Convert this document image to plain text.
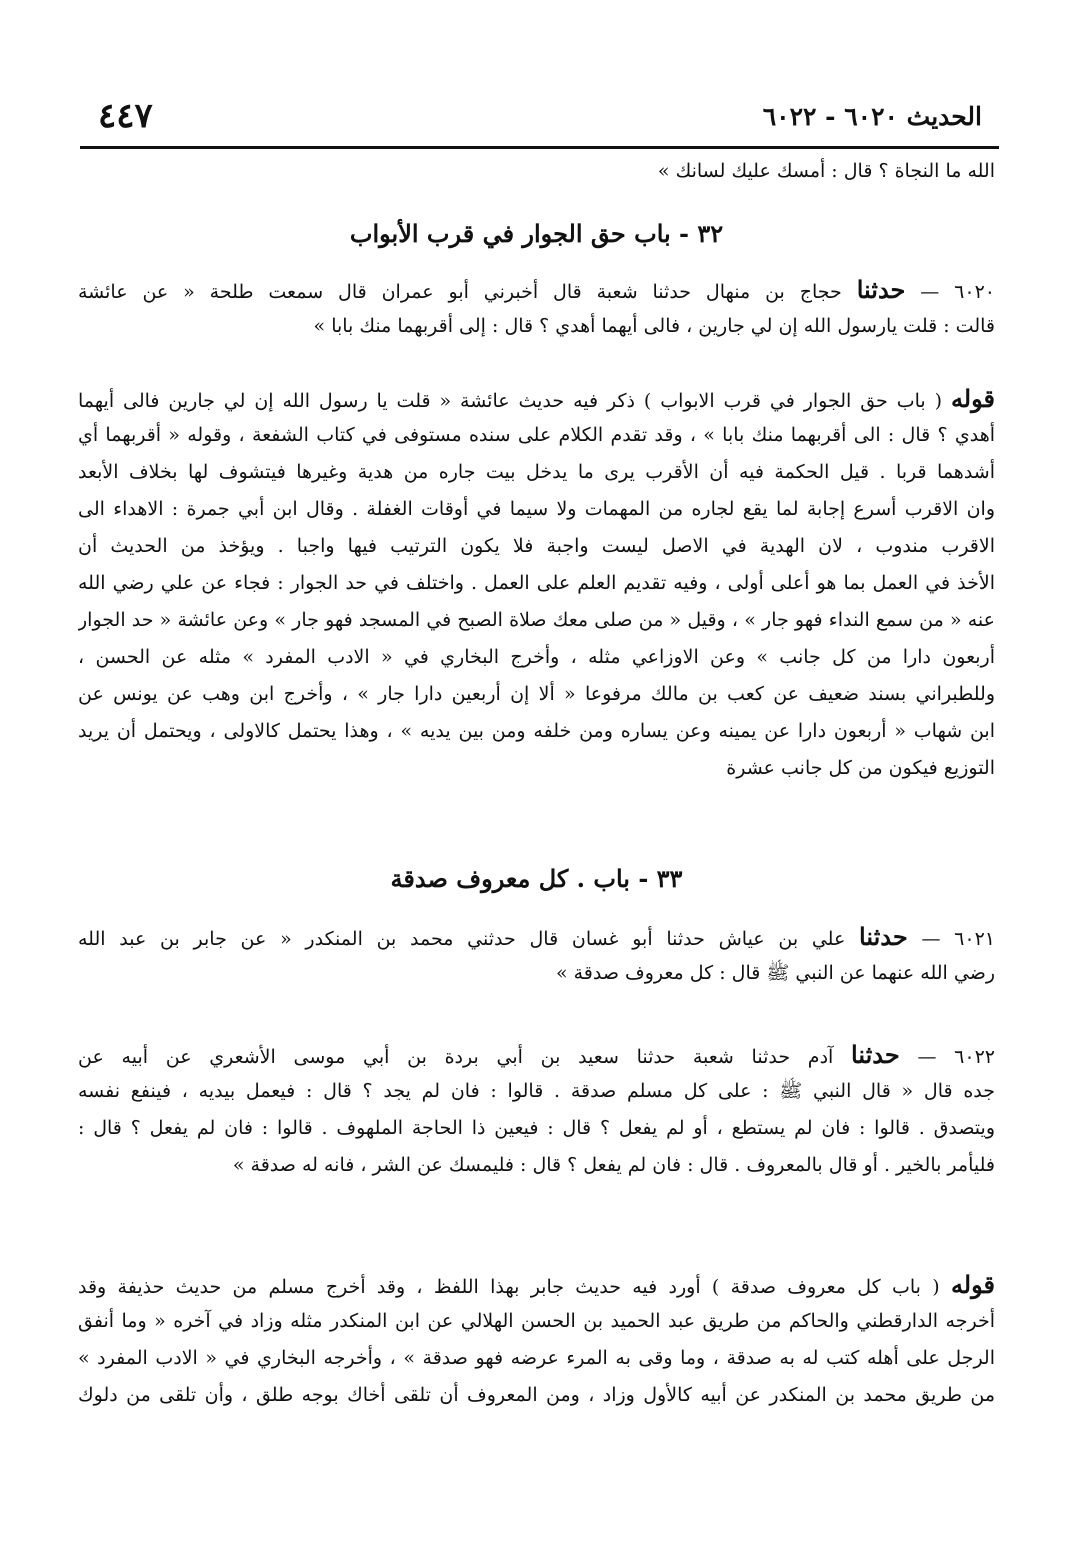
الحديث ٦٠٢٠ - ٦٠٢٢
٤٤٧
الله ما النجاة ؟ قال : أمسك عليك لسانك »
٣٢ - باب حق الجوار في قرب الأبواب
٦٠٢٠ — حدثنا حجاج بن منهال حدثنا شعبة قال أخبرني أبو عمران قال سمعت طلحة « عن عائشة
قالت : قلت يارسول الله إن لي جارين ، فالى أيهما أهدي ؟ قال : إلى أقربهما منك بابا »
قوله ( باب حق الجوار في قرب الابواب ) ذكر فيه حديث عائشة « قلت يا رسول الله إن لي جارين فالى أيهما
أهدي ؟ قال : الى أقربهما منك بابا » ، وقد تقدم الكلام على سنده مستوفى في كتاب الشفعة ، وقوله « أقربهما أي
أشدهما قربا . قيل الحكمة فيه أن الأقرب يرى ما يدخل بيت جاره من هدية وغيرها فيتشوف لها بخلاف الأبعد
وان الاقرب أسرع إجابة لما يقع لجاره من المهمات ولا سيما في أوقات الغفلة . وقال ابن أبي جمرة : الاهداء الى
الاقرب مندوب ، لان الهدية في الاصل ليست واجبة فلا يكون الترتيب فيها واجبا . ويؤخذ من الحديث أن
الأخذ في العمل بما هو أعلى أولى ، وفيه تقديم العلم على العمل . واختلف في حد الجوار : فجاء عن علي رضي الله
عنه « من سمع النداء فهو جار » ، وقيل « من صلى معك صلاة الصبح في المسجد فهو جار » وعن عائشة « حد الجوار
أربعون دارا من كل جانب » وعن الاوزاعي مثله ، وأخرج البخاري في « الادب المفرد » مثله عن الحسن ،
وللطبراني بسند ضعيف عن كعب بن مالك مرفوعا « ألا إن أربعين دارا جار » ، وأخرج ابن وهب عن يونس عن
ابن شهاب « أربعون دارا عن يمينه وعن يساره ومن خلفه ومن بين يديه » ، وهذا يحتمل كالاولى ، ويحتمل أن يريد
التوزيع فيكون من كل جانب عشرة
٣٣ - باب . كل معروف صدقة
٦٠٢١ — حدثنا علي بن عياش حدثنا أبو غسان قال حدثني محمد بن المنكدر « عن جابر بن عبد الله
رضي الله عنهما عن النبي ﷺ قال : كل معروف صدقة »
٦٠٢٢ — حدثنا آدم حدثنا شعبة حدثنا سعيد بن أبي بردة بن أبي موسى الأشعري عن أبيه عن
جده قال « قال النبي ﷺ : على كل مسلم صدقة . قالوا : فان لم يجد ؟ قال : فيعمل بيديه ، فينفع نفسه
ويتصدق . قالوا : فان لم يستطع ، أو لم يفعل ؟ قال : فيعين ذا الحاجة الملهوف . قالوا : فان لم يفعل ؟ قال :
فليأمر بالخير . أو قال بالمعروف . قال : فان لم يفعل ؟ قال : فليمسك عن الشر ، فانه له صدقة »
قوله ( باب كل معروف صدقة ) أورد فيه حديث جابر بهذا اللفظ ، وقد أخرج مسلم من حديث حذيفة وقد
أخرجه الدارقطني والحاكم من طريق عبد الحميد بن الحسن الهلالي عن ابن المنكدر مثله وزاد في آخره « وما أنفق
الرجل على أهله كتب له به صدقة ، وما وقى به المرء عرضه فهو صدقة » ، وأخرجه البخاري في « الادب المفرد »
من طريق محمد بن المنكدر عن أبيه كالأول وزاد ، ومن المعروف أن تلقى أخاك بوجه طلق ، وأن تلقى من دلوك
